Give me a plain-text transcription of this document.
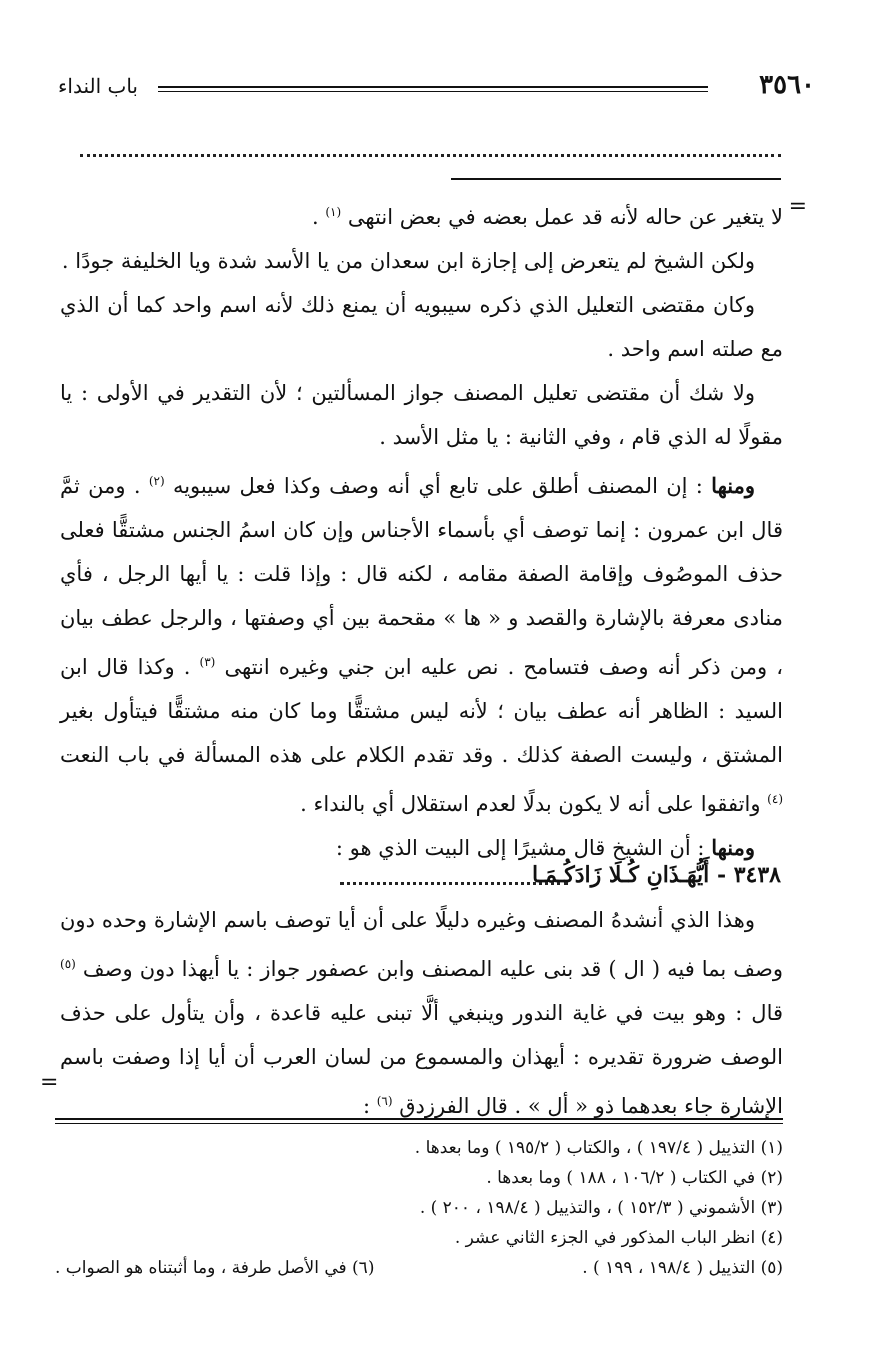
٣٥٦٠
باب النداء
=

لا يتغير عن حاله لأنه قد عمل بعضه في بعض انتهى $^{(١)}$ .

ولكن الشيخ لم يتعرض إلى إجازة ابن سعدان من يا الأسد شدة ويا الخليفة جودًا .

وكان مقتضى التعليل الذي ذكره سيبويه أن يمنع ذلك لأنه اسم واحد كما أن الذي مع صلته اسم واحد .

ولا شك أن مقتضى تعليل المصنف جواز المسألتين ؛ لأن التقدير في الأولى : يا مقولًا له الذي قام ، وفي الثانية : يا مثل الأسد .

ومنها : إن المصنف أطلق على تابع أي أنه وصف وكذا فعل سيبويه $^{(٢)}$ . ومن ثمَّ قال ابن عمرون : إنما توصف أي بأسماء الأجناس وإن كان اسمُ الجنس مشتقًّا فعلى حذف الموصُوف وإقامة الصفة مقامه ، لكنه قال : وإذا قلت : يا أيها الرجل ، فأي منادى معرفة بالإشارة والقصد و « ها » مقحمة بين أي وصفتها ، والرجل عطف بيان ، ومن ذكر أنه وصف فتسامح . نص عليه ابن جني وغيره انتهى $^{(٣)}$ . وكذا قال ابن السيد : الظاهر أنه عطف بيان ؛ لأنه ليس مشتقًّا وما كان منه مشتقًّا فيتأول بغير المشتق ، وليست الصفة كذلك . وقد تقدم الكلام على هذه المسألة في باب النعت $^{(٤)}$ واتفقوا على أنه لا يكون بدلًا لعدم استقلال أي بالنداء .

ومنها : أن الشيخ قال مشيرًا إلى البيت الذي هو :

٣٤٣٨ - أَيُّهَـذَانِ كُـلَا زَادَكُـمَـا

وهذا الذي أنشدهُ المصنف وغيره دليلًا على أن أيا توصف باسم الإشارة وحده دون وصف بما فيه ( ال ) قد بنى عليه المصنف وابن عصفور جواز : يا أيهذا دون وصف $^{(٥)}$ قال : وهو بيت في غاية الندور وينبغي ألَّا تبنى عليه قاعدة ، وأن يتأول على حذف الوصف ضرورة تقديره : أيهذان والمسموع من لسان العرب أن أيا إذا وصفت باسم الإشارة جاء بعدهما ذو « أل » . قال الفرزدق $^{(٦)}$ :

=

(١) التذييل ( ١٩٧/٤ ) ، والكتاب ( ١٩٥/٢ ) وما بعدها .

(٢) في الكتاب ( ١٠٦/٢ ، ١٨٨ ) وما بعدها .

(٣) الأشموني ( ١٥٢/٣ ) ، والتذييل ( ١٩٨/٤ ، ٢٠٠ ) .

(٤) انظر الباب المذكور في الجزء الثاني عشر .

(٥) التذييل ( ١٩٨/٤ ، ١٩٩ ) .
(٦) في الأصل طرفة ، وما أثبتناه هو الصواب .
